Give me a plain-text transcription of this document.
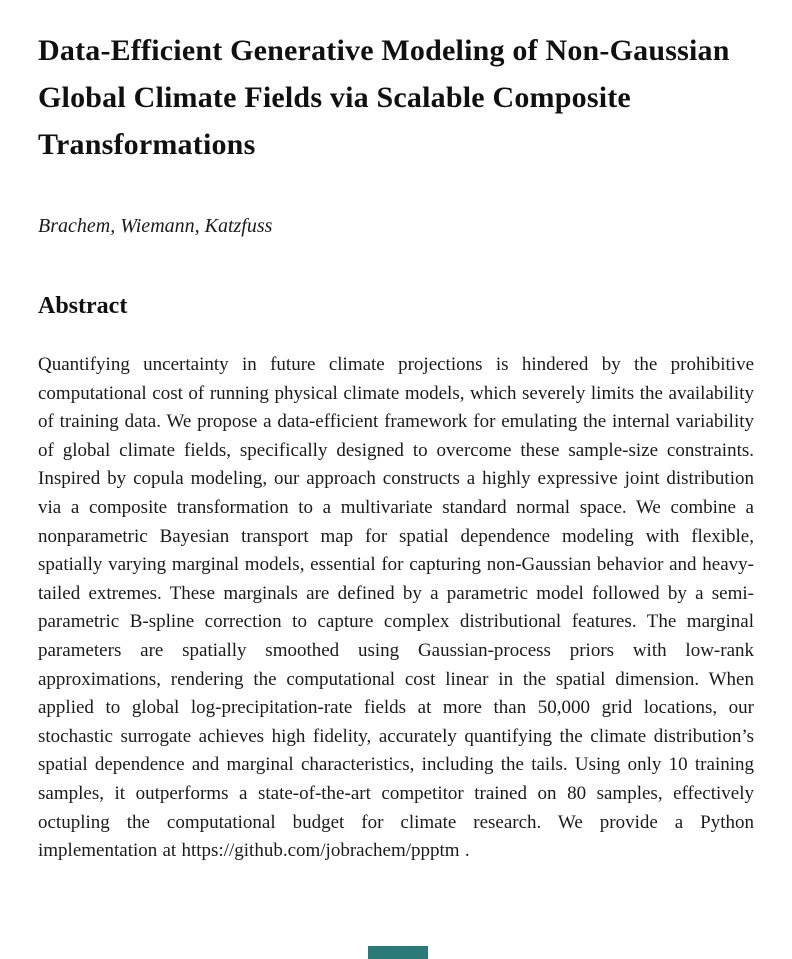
Data-Efficient Generative Modeling of Non-Gaussian Global Climate Fields via Scalable Composite Transformations

Brachem, Wiemann, Katzfuss

Abstract

Quantifying uncertainty in future climate projections is hindered by the prohibitive computational cost of running physical climate models, which severely limits the availability of training data. We propose a data-efficient framework for emulating the internal variability of global climate fields, specifically designed to overcome these sample-size constraints. Inspired by copula modeling, our approach constructs a highly expressive joint distribution via a composite transformation to a multivariate standard normal space. We combine a nonparametric Bayesian transport map for spatial dependence modeling with flexible, spatially varying marginal models, essential for capturing non-Gaussian behavior and heavy-tailed extremes. These marginals are defined by a parametric model followed by a semi-parametric B-spline correction to capture complex distributional features. The marginal parameters are spatially smoothed using Gaussian-process priors with low-rank approximations, rendering the computational cost linear in the spatial dimension. When applied to global log-precipitation-rate fields at more than 50,000 grid locations, our stochastic surrogate achieves high fidelity, accurately quantifying the climate distribution’s spatial dependence and marginal characteristics, including the tails. Using only 10 training samples, it outperforms a state-of-the-art competitor trained on 80 samples, effectively octupling the computational budget for climate research. We provide a Python implementation at https://github.com/jobrachem/ppptm .
